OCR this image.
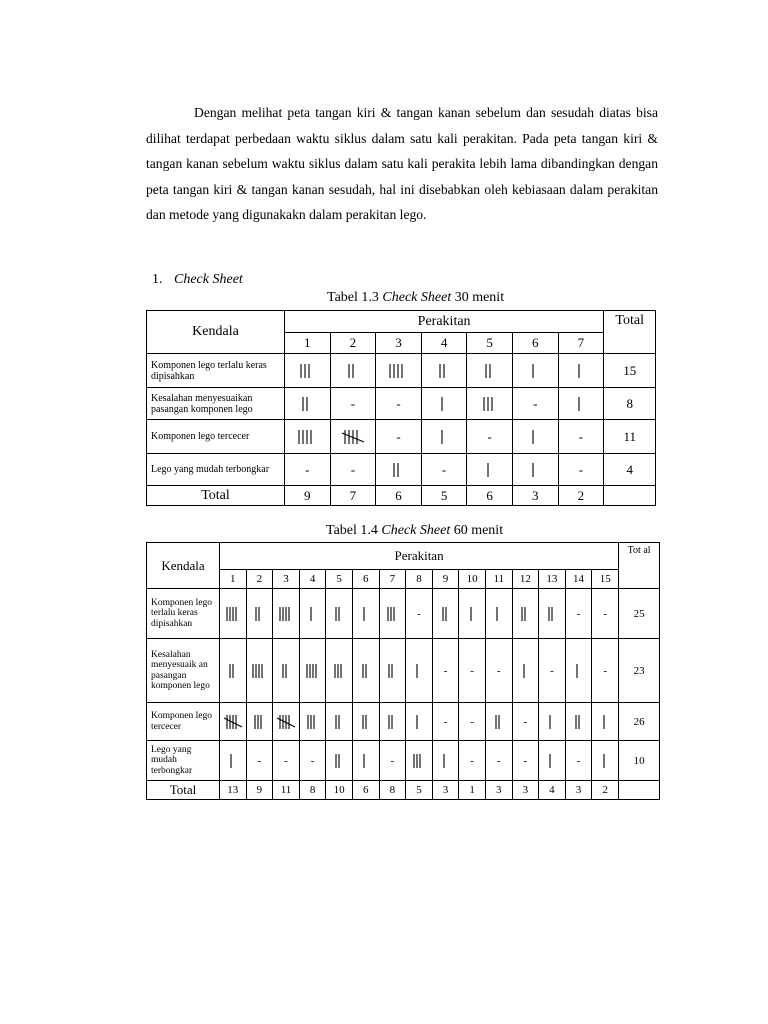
Dengan melihat peta tangan kiri & tangan kanan sebelum dan sesudah diatas bisa dilihat terdapat perbedaan waktu siklus dalam satu kali perakitan. Pada peta tangan kiri & tangan kanan sebelum waktu siklus dalam satu kali perakita lebih lama dibandingkan dengan peta tangan kiri & tangan kanan sesudah, hal ini disebabkan oleh kebiasaan dalam perakitan dan metode yang digunakakn dalam perakitan lego.

1. Check Sheet
Tabel 1.3 Check Sheet 30 menit
Kendala	Perakitan							Total
	1	2	3	4	5	6	7	
Komponen lego terlalu keras dipisahkan								15
Kesalahan menyesuaikan pasangan komponen lego		-	-			-		8
Komponen lego tercecer			-		-		-	11
Lego yang mudah terbongkar	-	-		-			-	4
Total	9	7	6	5	6	3	2	
Tabel 1.4 Check Sheet 60 menit
Kendala	Perakitan															Tot al
	1	2	3	4	5	6	7	8	9	10	11	12	13	14	15	
Komponen lego terlalu keras dipisahkan								-						-	-	25
Kesalahan menyesuaik an pasangan komponen lego									-	-	-		-		-	23
Komponen lego tercecer									-	-		-				26
Lego yang mudah terbongkar		-	-	-			-			-	-	-		-		10
Total	13	9	11	8	10	6	8	5	3	1	3	3	4	3	2	
